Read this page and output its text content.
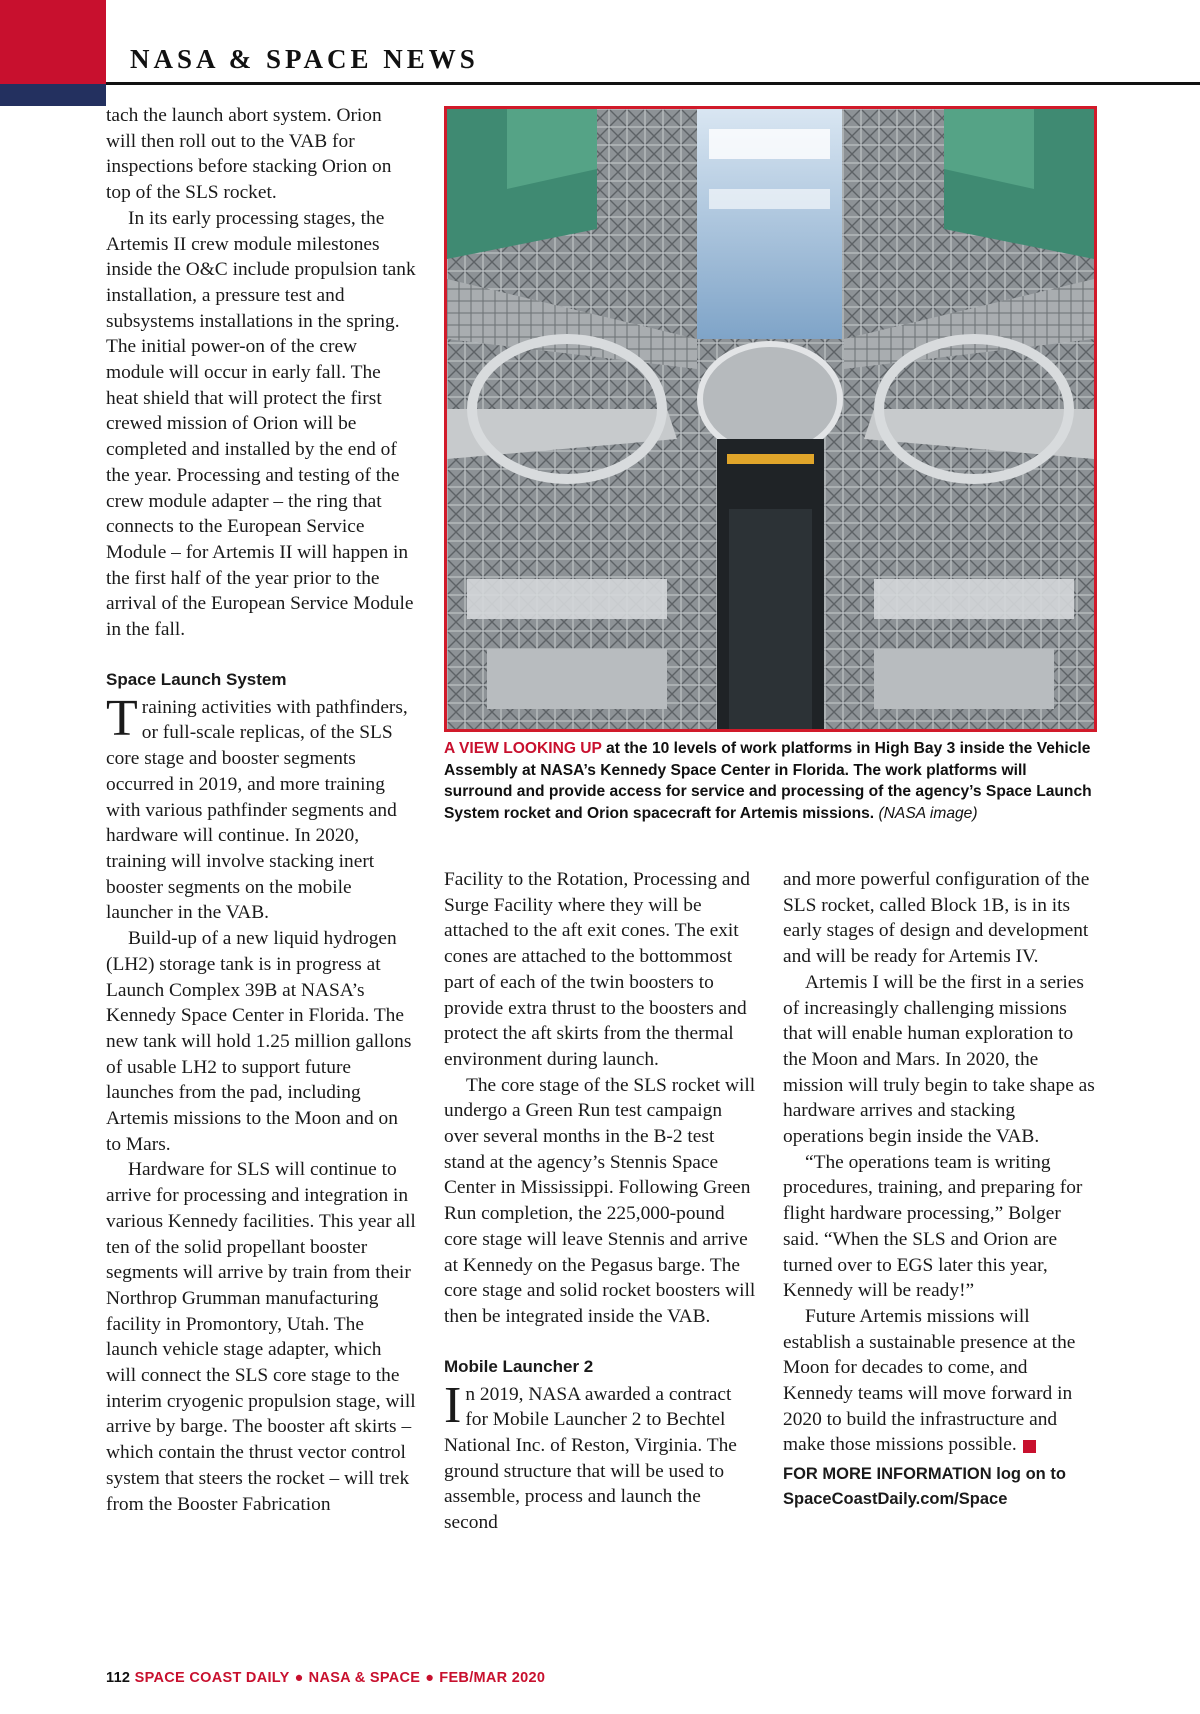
NASA & SPACE NEWS

tach the launch abort system. Orion will then roll out to the VAB for inspections before stacking Orion on top of the SLS rocket.

In its early processing stages, the Artemis II crew module milestones inside the O&C include propulsion tank installation, a pressure test and subsystems installations in the spring. The initial power-on of the crew module will occur in early fall. The heat shield that will protect the first crewed mission of Orion will be completed and installed by the end of the year. Processing and testing of the crew module adapter – the ring that connects to the European Service Module – for Artemis II will happen in the first half of the year prior to the arrival of the European Service Module in the fall.

Space Launch System

Training activities with pathfinders, or full-scale replicas, of the SLS core stage and booster segments occurred in 2019, and more training with various pathfinder segments and hardware will continue. In 2020, training will involve stacking inert booster segments on the mobile launcher in the VAB.

Build-up of a new liquid hydrogen (LH2) storage tank is in progress at Launch Complex 39B at NASA’s Kennedy Space Center in Florida. The new tank will hold 1.25 million gallons of usable LH2 to support future launches from the pad, including Artemis missions to the Moon and on to Mars.

Hardware for SLS will continue to arrive for processing and integration in various Kennedy facilities. This year all ten of the solid propellant booster segments will arrive by train from their Northrop Grumman manufacturing facility in Promontory, Utah. The launch vehicle stage adapter, which will connect the SLS core stage to the interim cryogenic propulsion stage, will arrive by barge. The booster aft skirts – which contain the thrust vector control system that steers the rocket – will trek from the Booster Fabrication

A VIEW LOOKING UP at the 10 levels of work platforms in High Bay 3 inside the Vehicle Assembly at NASA’s Kennedy Space Center in Florida. The work platforms will surround and provide access for service and processing of the agency’s Space Launch System rocket and Orion spacecraft for Artemis missions. (NASA image)

Facility to the Rotation, Processing and Surge Facility where they will be attached to the aft exit cones. The exit cones are attached to the bottommost part of each of the twin boosters to provide extra thrust to the boosters and protect the aft skirts from the thermal environment during launch.

The core stage of the SLS rocket will undergo a Green Run test campaign over several months in the B-2 test stand at the agency’s Stennis Space Center in Mississippi. Following Green Run completion, the 225,000-pound core stage will leave Stennis and arrive at Kennedy on the Pegasus barge. The core stage and solid rocket boosters will then be integrated inside the VAB.

Mobile Launcher 2

In 2019, NASA awarded a contract for Mobile Launcher 2 to Bechtel National Inc. of Reston, Virginia. The ground structure that will be used to assemble, process and launch the second

and more powerful configuration of the SLS rocket, called Block 1B, is in its early stages of design and development and will be ready for Artemis IV.

Artemis I will be the first in a series of increasingly challenging missions that will enable human exploration to the Moon and Mars. In 2020, the mission will truly begin to take shape as hardware arrives and stacking operations begin inside the VAB.

“The operations team is writing procedures, training, and preparing for flight hardware processing,” Bolger said. “When the SLS and Orion are turned over to EGS later this year, Kennedy will be ready!”

Future Artemis missions will establish a sustainable presence at the Moon for decades to come, and Kennedy teams will move forward in 2020 to build the infrastructure and make those missions possible.

FOR MORE INFORMATION log on to
SpaceCoastDaily.com/Space
112 SPACE COAST DAILY ● NASA & SPACE ● FEB/MAR 2020
